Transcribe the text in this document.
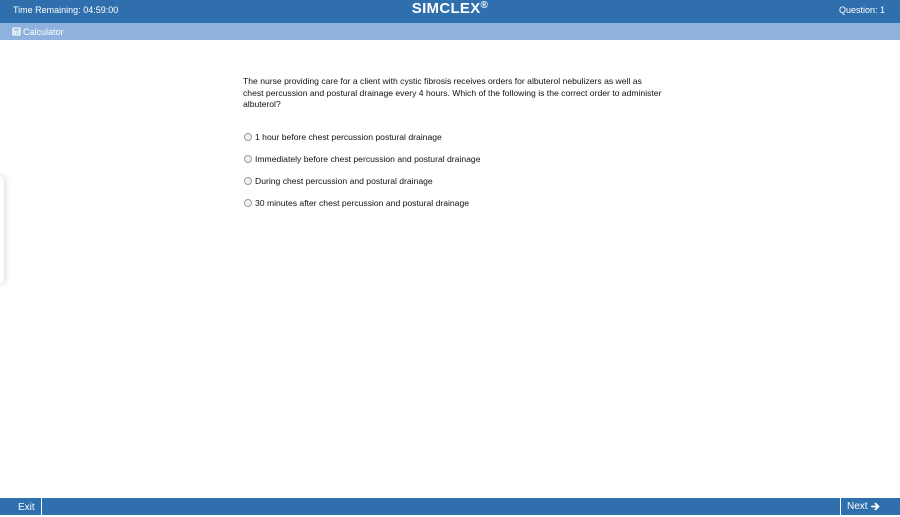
Time Remaining: 04:59:00	SIMCLEX®	Question: 1
Calculator

The nurse providing care for a client with cystic fibrosis receives orders for albuterol nebulizers as well as chest percussion and postural drainage every 4 hours. Which of the following is the correct order to administer albuterol?

1 hour before chest percussion postural drainage
Immediately before chest percussion and postural drainage
During chest percussion and postural drainage
30 minutes after chest percussion and postural drainage
Exit	Next
